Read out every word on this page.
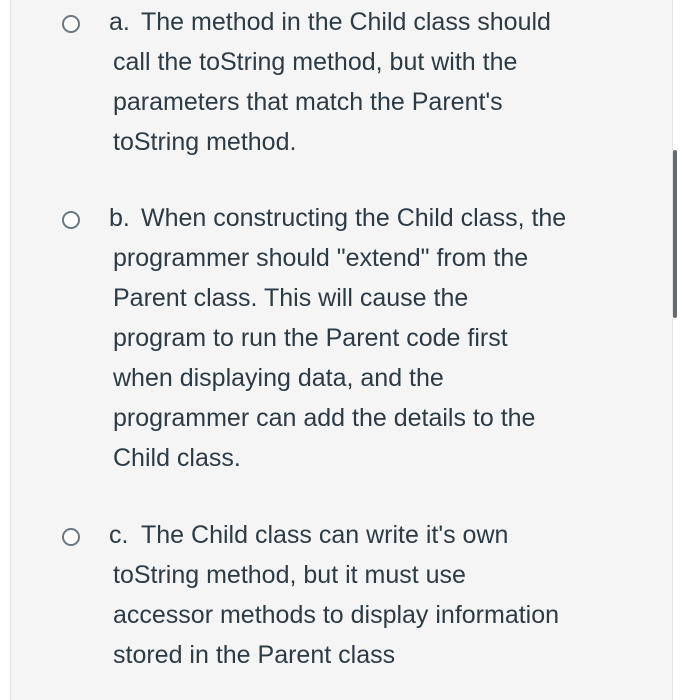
a. The method in the Child class should
call the toString method, but with the
parameters that match the Parent's
toString method.
b. When constructing the Child class, the
programmer should "extend" from the
Parent class. This will cause the
program to run the Parent code first
when displaying data, and the
programmer can add the details to the
Child class.
c. The Child class can write it's own
toString method, but it must use
accessor methods to display information
stored in the Parent class
